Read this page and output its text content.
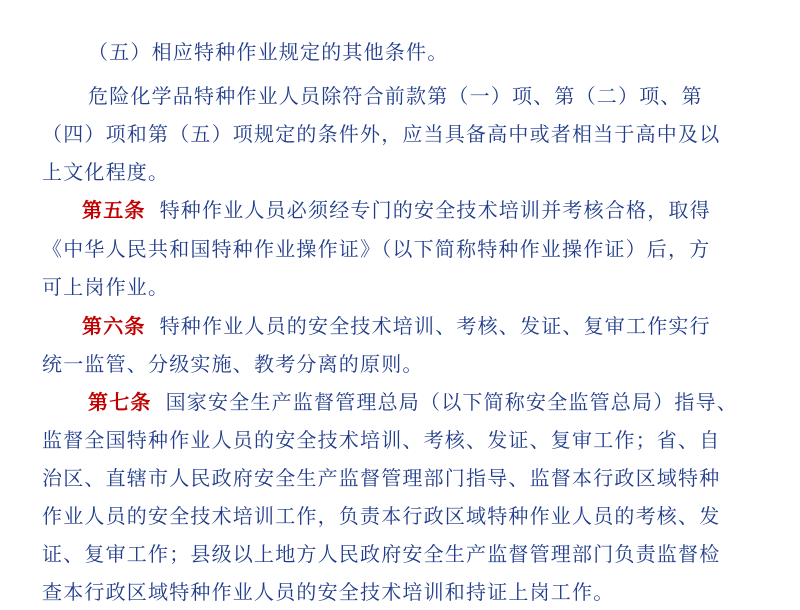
（五）相应特种作业规定的其他条件。
危险化学品特种作业人员除符合前款第（一）项、第（二）项、第
（四）项和第（五）项规定的条件外，应当具备高中或者相当于高中及以
上文化程度。
第五条 特种作业人员必须经专门的安全技术培训并考核合格，取得
《中华人民共和国特种作业操作证》（以下简称特种作业操作证）后，方
可上岗作业。
第六条 特种作业人员的安全技术培训、考核、发证、复审工作实行
统一监管、分级实施、教考分离的原则。
第七条 国家安全生产监督管理总局（以下简称安全监管总局）指导、
监督全国特种作业人员的安全技术培训、考核、发证、复审工作；省、自
治区、直辖市人民政府安全生产监督管理部门指导、监督本行政区域特种
作业人员的安全技术培训工作，负责本行政区域特种作业人员的考核、发
证、复审工作；县级以上地方人民政府安全生产监督管理部门负责监督检
查本行政区域特种作业人员的安全技术培训和持证上岗工作。
